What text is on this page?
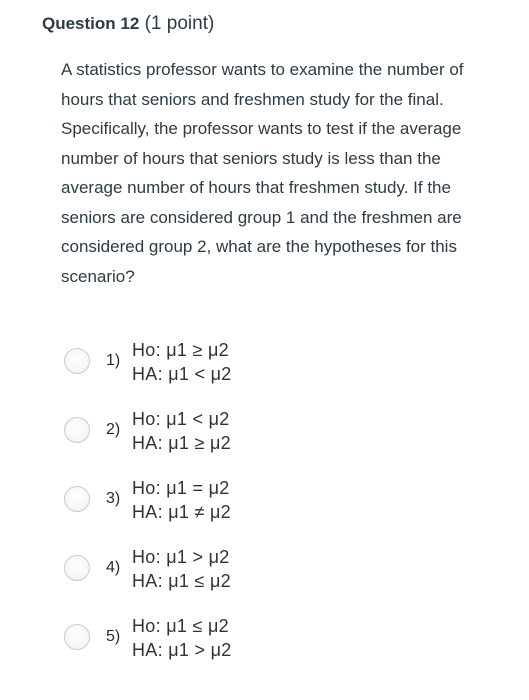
Question 12 (1 point)
A statistics professor wants to examine the number of hours that seniors and freshmen study for the final. Specifically, the professor wants to test if the average number of hours that seniors study is less than the average number of hours that freshmen study. If the seniors are considered group 1 and the freshmen are considered group 2, what are the hypotheses for this scenario?
1)
Ho: μ1 ≥ μ2
HA: μ1 < μ2
2)
Ho: μ1 < μ2
HA: μ1 ≥ μ2
3)
Ho: μ1 = μ2
HA: μ1 ≠ μ2
4)
Ho: μ1 > μ2
HA: μ1 ≤ μ2
5)
Ho: μ1 ≤ μ2
HA: μ1 > μ2
